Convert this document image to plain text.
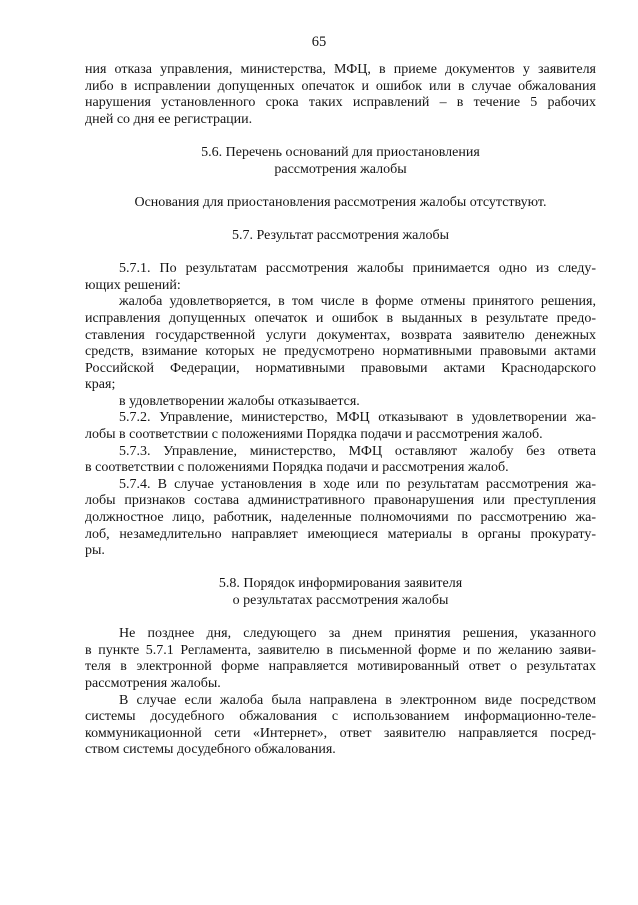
65
ния отказа управления, министерства, МФЦ, в приеме документов у заявителя
либо в исправлении допущенных опечаток и ошибок или в случае обжалования
нарушения установленного срока таких исправлений – в течение 5 рабочих
дней со дня ее регистрации.
5.6. Перечень оснований для приостановления
рассмотрения жалобы
Основания для приостановления рассмотрения жалобы отсутствуют.
5.7. Результат рассмотрения жалобы
5.7.1. По результатам рассмотрения жалобы принимается одно из следу-
ющих решений:
жалоба удовлетворяется, в том числе в форме отмены принятого решения,
исправления допущенных опечаток и ошибок в выданных в результате предо-
ставления государственной услуги документах, возврата заявителю денежных
средств, взимание которых не предусмотрено нормативными правовыми актами
Российской Федерации, нормативными правовыми актами Краснодарского
края;
в удовлетворении жалобы отказывается.
5.7.2. Управление, министерство, МФЦ отказывают в удовлетворении жа-
лобы в соответствии с положениями Порядка подачи и рассмотрения жалоб.
5.7.3. Управление, министерство, МФЦ оставляют жалобу без ответа
в соответствии с положениями Порядка подачи и рассмотрения жалоб.
5.7.4. В случае установления в ходе или по результатам рассмотрения жа-
лобы признаков состава административного правонарушения или преступления
должностное лицо, работник, наделенные полномочиями по рассмотрению жа-
лоб, незамедлительно направляет имеющиеся материалы в органы прокурату-
ры.
5.8. Порядок информирования заявителя
о результатах рассмотрения жалобы
Не позднее дня, следующего за днем принятия решения, указанного
в пункте 5.7.1 Регламента, заявителю в письменной форме и по желанию заяви-
теля в электронной форме направляется мотивированный ответ о результатах
рассмотрения жалобы.
В случае если жалоба была направлена в электронном виде посредством
системы досудебного обжалования с использованием информационно-теле-
коммуникационной сети «Интернет», ответ заявителю направляется посред-
ством системы досудебного обжалования.
